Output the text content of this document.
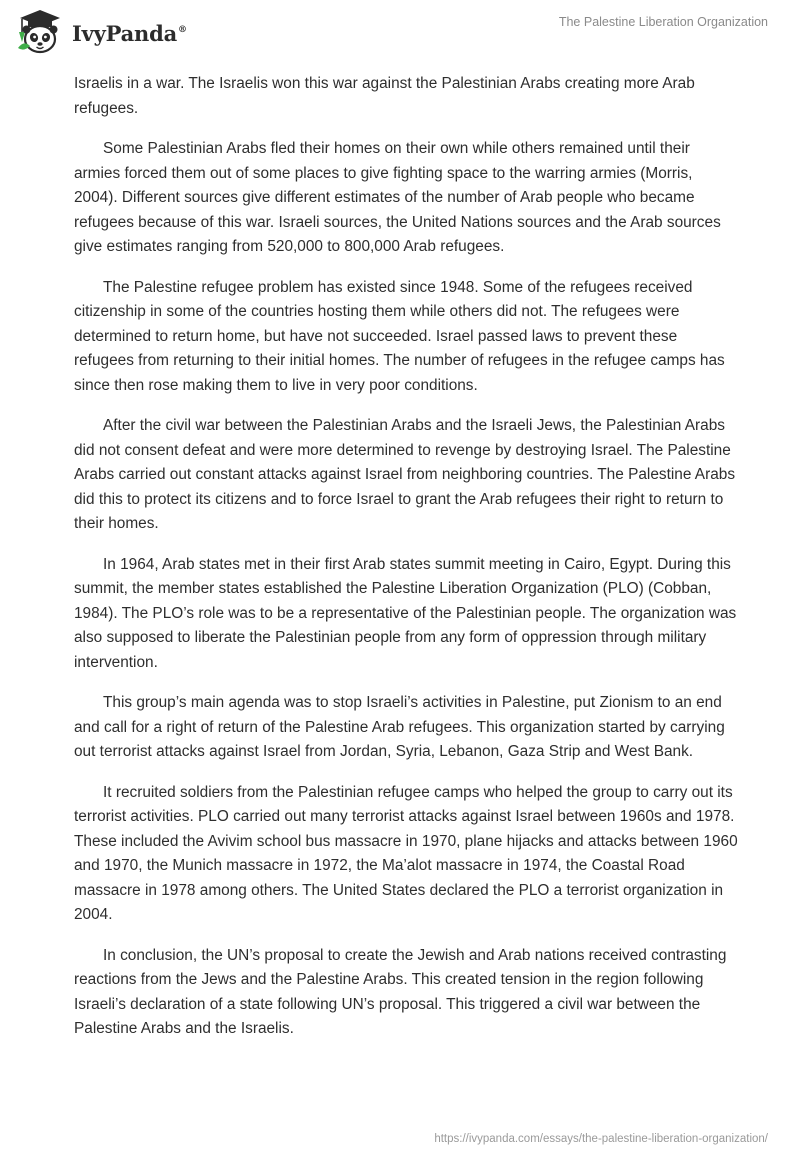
IvyPanda®
The Palestine Liberation Organization

Israelis in a war. The Israelis won this war against the Palestinian Arabs creating more Arab refugees.

Some Palestinian Arabs fled their homes on their own while others remained until their armies forced them out of some places to give fighting space to the warring armies (Morris, 2004). Different sources give different estimates of the number of Arab people who became refugees because of this war. Israeli sources, the United Nations sources and the Arab sources give estimates ranging from 520,000 to 800,000 Arab refugees.

The Palestine refugee problem has existed since 1948. Some of the refugees received citizenship in some of the countries hosting them while others did not. The refugees were determined to return home, but have not succeeded. Israel passed laws to prevent these refugees from returning to their initial homes. The number of refugees in the refugee camps has since then rose making them to live in very poor conditions.

After the civil war between the Palestinian Arabs and the Israeli Jews, the Palestinian Arabs did not consent defeat and were more determined to revenge by destroying Israel. The Palestine Arabs carried out constant attacks against Israel from neighboring countries. The Palestine Arabs did this to protect its citizens and to force Israel to grant the Arab refugees their right to return to their homes.

In 1964, Arab states met in their first Arab states summit meeting in Cairo, Egypt. During this summit, the member states established the Palestine Liberation Organization (PLO) (Cobban, 1984). The PLO’s role was to be a representative of the Palestinian people. The organization was also supposed to liberate the Palestinian people from any form of oppression through military intervention.

This group’s main agenda was to stop Israeli’s activities in Palestine, put Zionism to an end and call for a right of return of the Palestine Arab refugees. This organization started by carrying out terrorist attacks against Israel from Jordan, Syria, Lebanon, Gaza Strip and West Bank.

It recruited soldiers from the Palestinian refugee camps who helped the group to carry out its terrorist activities. PLO carried out many terrorist attacks against Israel between 1960s and 1978. These included the Avivim school bus massacre in 1970, plane hijacks and attacks between 1960 and 1970, the Munich massacre in 1972, the Ma’alot massacre in 1974, the Coastal Road massacre in 1978 among others. The United States declared the PLO a terrorist organization in 2004.

In conclusion, the UN’s proposal to create the Jewish and Arab nations received contrasting reactions from the Jews and the Palestine Arabs. This created tension in the region following Israeli’s declaration of a state following UN’s proposal. This triggered a civil war between the Palestine Arabs and the Israelis.

https://ivypanda.com/essays/the-palestine-liberation-organization/
